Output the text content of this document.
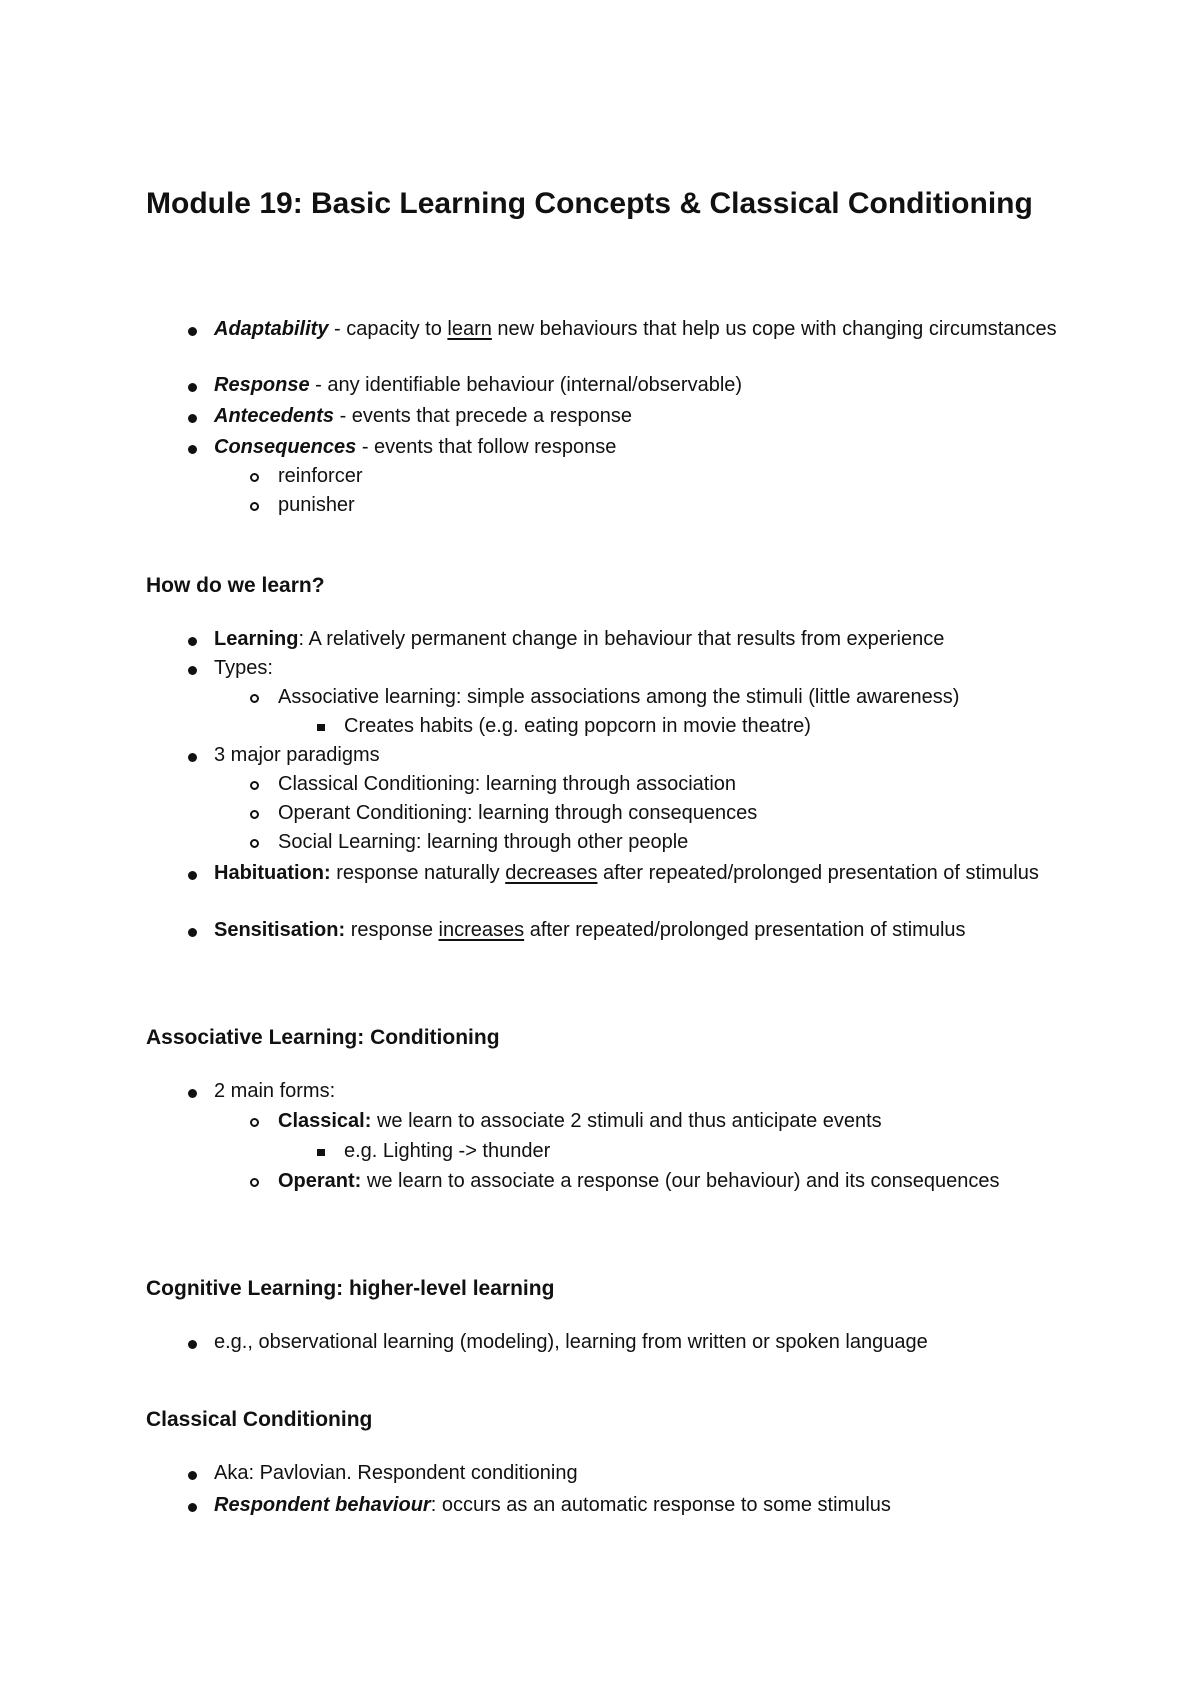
Module 19: Basic Learning Concepts & Classical Conditioning
Adaptability - capacity to learn new behaviours that help us cope with changing circumstances
Response - any identifiable behaviour (internal/observable)
Antecedents - events that precede a response
Consequences - events that follow response
reinforcer
punisher
How do we learn?
Learning: A relatively permanent change in behaviour that results from experience
Types:
Associative learning: simple associations among the stimuli (little awareness)
Creates habits (e.g. eating popcorn in movie theatre)
3 major paradigms
Classical Conditioning: learning through association
Operant Conditioning: learning through consequences
Social Learning: learning through other people
Habituation: response naturally decreases after repeated/prolonged presentation of stimulus
Sensitisation: response increases after repeated/prolonged presentation of stimulus
Associative Learning: Conditioning
2 main forms:
Classical: we learn to associate 2 stimuli and thus anticipate events
e.g. Lighting -> thunder
Operant: we learn to associate a response (our behaviour) and its consequences
Cognitive Learning: higher-level learning
e.g., observational learning (modeling), learning from written or spoken language
Classical Conditioning
Aka: Pavlovian. Respondent conditioning
Respondent behaviour: occurs as an automatic response to some stimulus
